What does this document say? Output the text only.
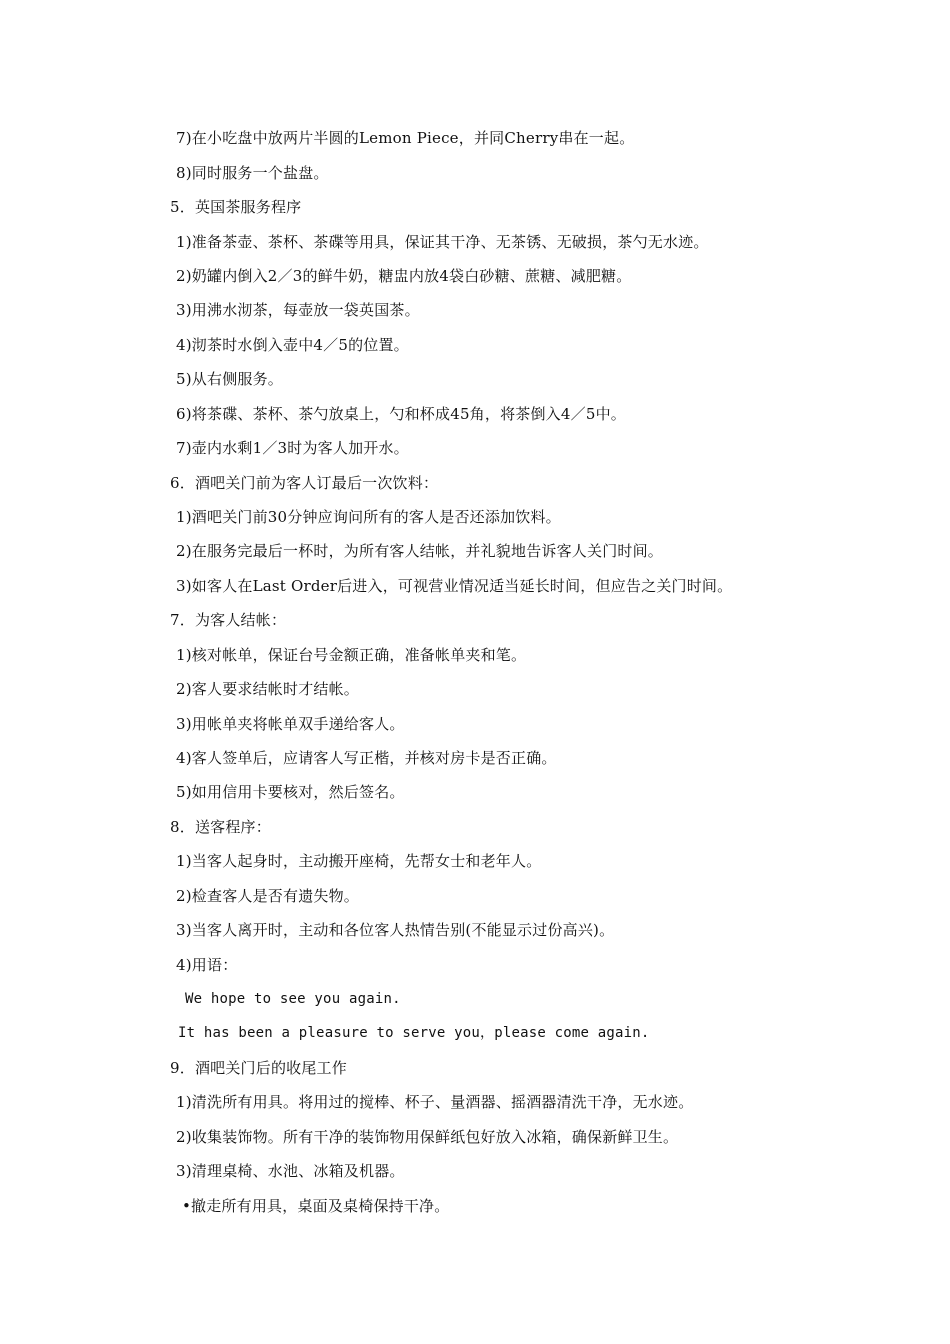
7)在小吃盘中放两片半圆的Lemon Piece，并同Cherry串在一起。
8)同时服务一个盐盘。
5．英国茶服务程序
1)准备茶壶、茶杯、茶碟等用具，保证其干净、无茶锈、无破损，茶勺无水迹。
2)奶罐内倒入2／3的鲜牛奶，糖盅内放4袋白砂糖、蔗糖、减肥糖。
3)用沸水沏茶，每壶放一袋英国茶。
4)沏茶时水倒入壶中4／5的位置。
5)从右侧服务。
6)将茶碟、茶杯、茶勺放桌上，勺和杯成45角，将茶倒入4／5中。
7)壶内水剩1／3时为客人加开水。
6．酒吧关门前为客人订最后一次饮料：
1)酒吧关门前30分钟应询问所有的客人是否还添加饮料。
2)在服务完最后一杯时，为所有客人结帐，并礼貌地告诉客人关门时间。
3)如客人在Last Order后进入，可视营业情况适当延长时间，但应告之关门时间。
7．为客人结帐：
1)核对帐单，保证台号金额正确，准备帐单夹和笔。
2)客人要求结帐时才结帐。
3)用帐单夹将帐单双手递给客人。
4)客人签单后，应请客人写正楷，并核对房卡是否正确。
5)如用信用卡要核对，然后签名。
8．送客程序：
1)当客人起身时，主动搬开座椅，先帮女士和老年人。
2)检查客人是否有遗失物。
3)当客人离开时，主动和各位客人热情告别(不能显示过份高兴)。
4)用语：
We hope to see you again.
It has been a pleasure to serve you，please come again.
9．酒吧关门后的收尾工作
1)清洗所有用具。将用过的搅棒、杯子、量酒器、摇酒器清洗干净，无水迹。
2)收集装饰物。所有干净的装饰物用保鲜纸包好放入冰箱，确保新鲜卫生。
3)清理桌椅、水池、冰箱及机器。
•撤走所有用具，桌面及桌椅保持干净。
